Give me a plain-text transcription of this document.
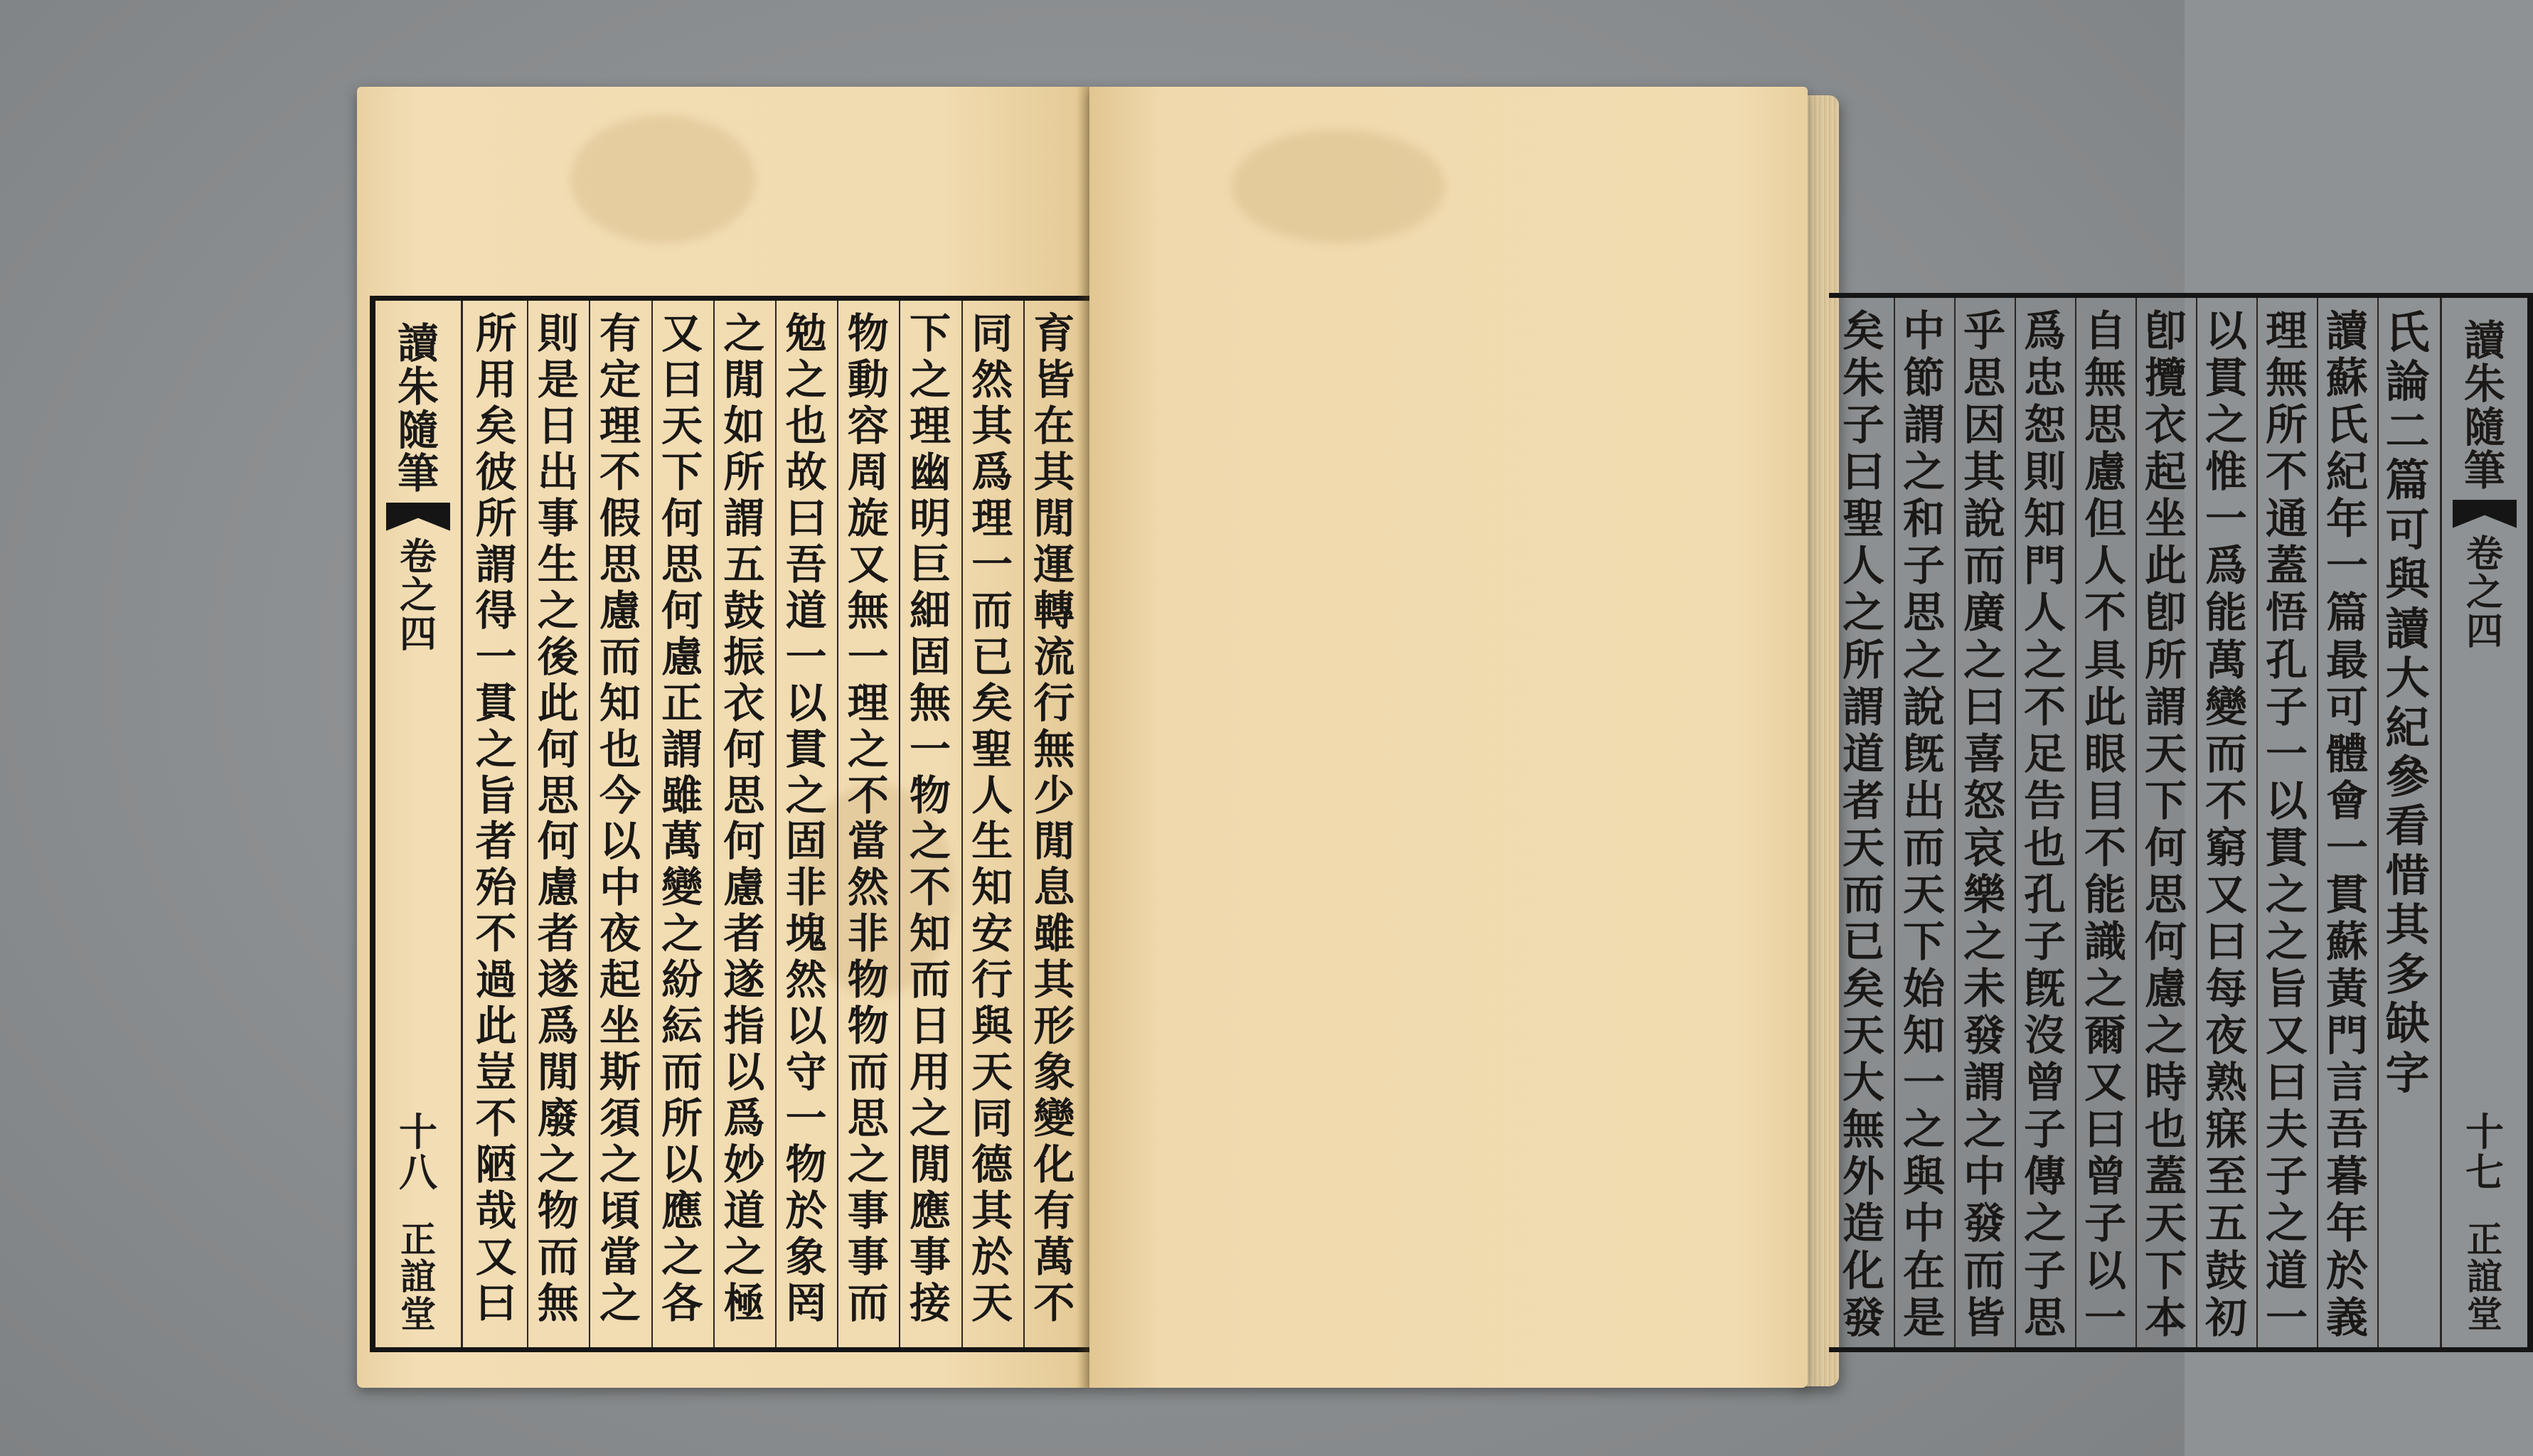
讀
朱
隨
筆
卷
之
四
十
八
正
誼
堂
所
用
矣
彼
所
謂
得
一
貫
之
旨
者
殆
不
過
此
豈
不
陋
哉
又
曰
則
是
日
出
事
生
之
後
此
何
思
何
慮
者
遂
爲
閒
廢
之
物
而
無
有
定
理
不
假
思
慮
而
知
也
今
以
中
夜
起
坐
斯
須
之
頃
當
之
又
曰
天
下
何
思
何
慮
正
謂
雖
萬
變
之
紛
紜
而
所
以
應
之
各
之
閒
如
所
謂
五
鼓
振
衣
何
思
何
慮
者
遂
指
以
爲
妙
道
之
極
勉
之
也
故
曰
吾
道
一
以
貫
之
固
非
塊
然
以
守
一
物
於
象
罔
物
動
容
周
旋
又
無
一
理
之
不
當
然
非
物
物
而
思
之
事
事
而
下
之
理
幽
明
巨
細
固
無
一
物
之
不
知
而
日
用
之
閒
應
事
接
同
然
其
爲
理
一
而
已
矣
聖
人
生
知
安
行
與
天
同
德
其
於
天
育
皆
在
其
閒
運
轉
流
行
無
少
閒
息
雖
其
形
象
變
化
有
萬
不
讀
朱
隨
筆
卷
之
四
十
七
正
誼
堂
矣
朱
子
曰
聖
人
之
所
謂
道
者
天
而
已
矣
天
大
無
外
造
化
發
中
節
謂
之
和
子
思
之
說
旣
出
而
天
下
始
知
一
之
與
中
在
是
乎
思
因
其
說
而
廣
之
曰
喜
怒
哀
樂
之
未
發
謂
之
中
發
而
皆
爲
忠
恕
則
知
門
人
之
不
足
告
也
孔
子
旣
沒
曾
子
傳
之
子
思
自
無
思
慮
但
人
不
具
此
眼
目
不
能
識
之
爾
又
曰
曾
子
以
一
卽
攬
衣
起
坐
此
卽
所
謂
天
下
何
思
何
慮
之
時
也
蓋
天
下
本
以
貫
之
惟
一
爲
能
萬
變
而
不
窮
又
曰
每
夜
熟
寐
至
五
鼓
初
理
無
所
不
通
蓋
悟
孔
子
一
以
貫
之
之
旨
又
曰
夫
子
之
道
一
讀
蘇
氏
紀
年
一
篇
最
可
體
會
一
貫
蘇
黃
門
言
吾
暮
年
於
義
氏
論
二
篇
可
與
讀
大
紀
參
看
惜
其
多
缺
字
